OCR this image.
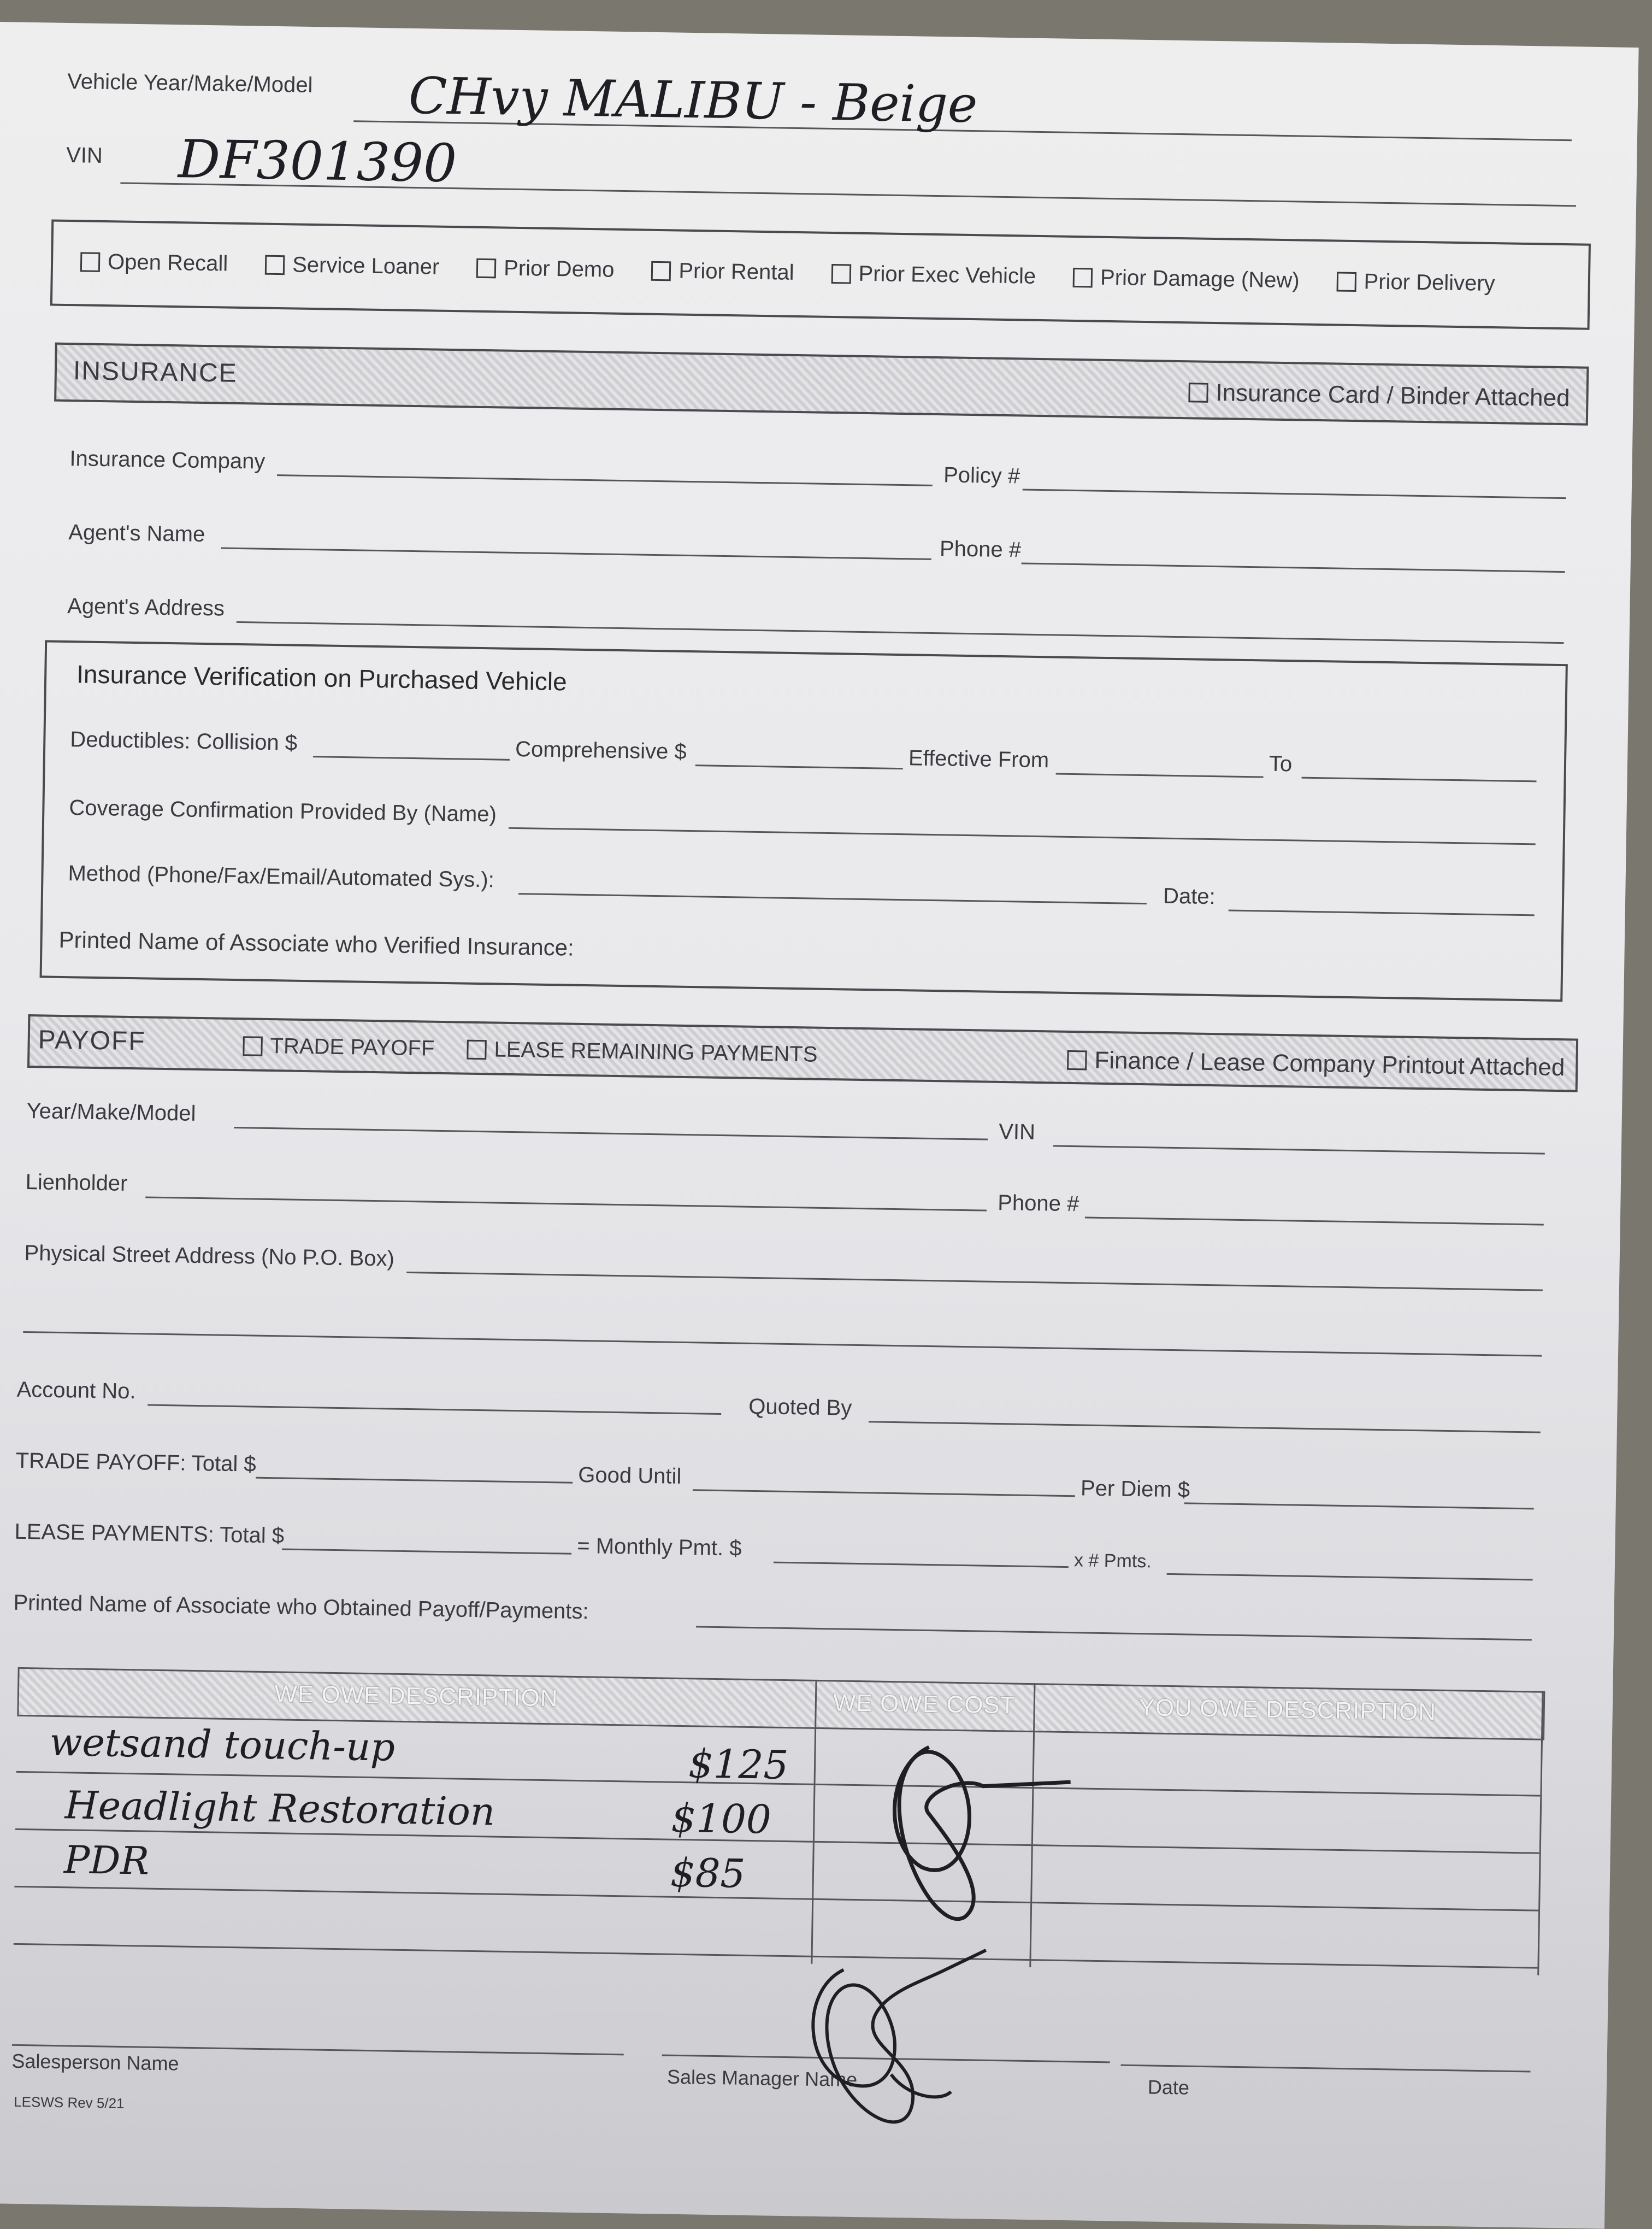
Vehicle Year/Make/Model CHvy MALIBU - Beige
VIN DF301390
Open Recall	Service Loaner	Prior Demo	Prior Rental	Prior Exec Vehicle	Prior Damage (New)	Prior Delivery
INSURANCE
Insurance Card / Binder Attached
Insurance Company
Policy #
Agent's Name
Phone #
Agent's Address
Insurance Verification on Purchased Vehicle
Deductibles: Collision $	Comprehensive $	Effective From	To
Coverage Confirmation Provided By (Name)
Method (Phone/Fax/Email/Automated Sys.):
Date:
Printed Name of Associate who Verified Insurance:
PAYOFF	TRADE PAYOFF	LEASE REMAINING PAYMENTS	Finance / Lease Company Printout Attached
Year/Make/Model
VIN
Lienholder
Phone #
Physical Street Address (No P.O. Box)
Account No.
Quoted By
TRADE PAYOFF: Total $	Good Until
Per Diem $
LEASE PAYMENTS: Total $	= Monthly Pmt. $
x # Pmts.
Printed Name of Associate who Obtained Payoff/Payments:
WE OWE DESCRIPTION	WE OWE COST	YOU OWE DESCRIPTION
wetsand touch-up	$125
Headlight Restoration	$100
PDR	$85
Salesperson Name
Sales Manager Name	Date
LESWS Rev 5/21
